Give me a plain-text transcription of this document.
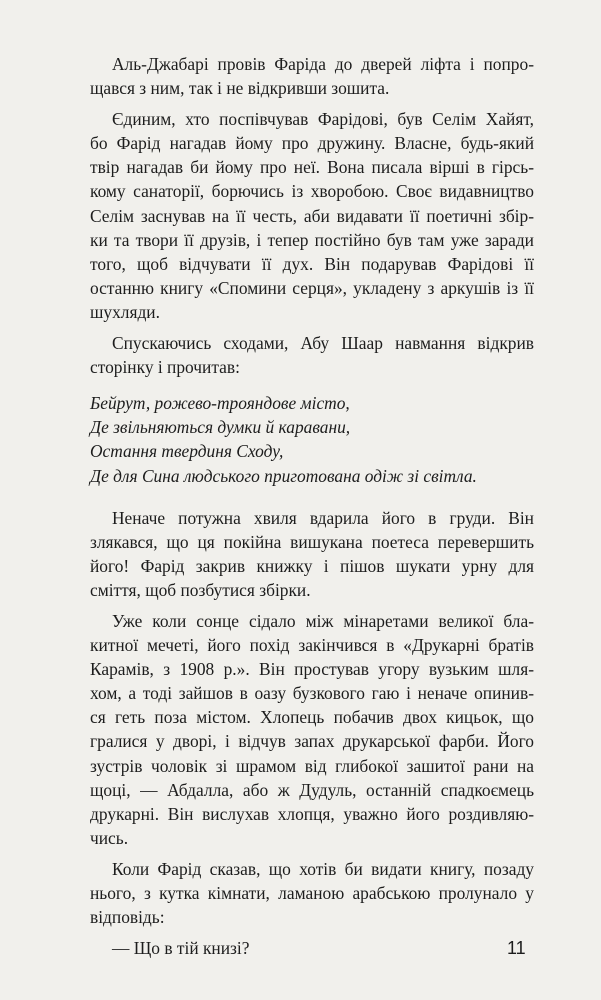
Аль-Джабарі провів Фаріда до дверей ліфта і попро-
щався з ним, так і не відкривши зошита.

Єдиним, хто поспівчував Фарідові, був Селім Хайят,
бо Фарід нагадав йому про дружину. Власне, будь-який
твір нагадав би йому про неї. Вона писала вірші в гірсь-
кому санаторії, борючись із хворобою. Своє видавництво
Селім заснував на її честь, аби видавати її поетичні збір-
ки та твори її друзів, і тепер постійно був там уже заради
того, щоб відчувати її дух. Він подарував Фарідові її
останню книгу «Спомини серця», укладену з аркушів із її
шухляди.

Спускаючись сходами, Абу Шаар навмання відкрив
сторінку і прочитав:

Бейрут, рожево-трояндове місто,
Де звільняються думки й каравани,
Остання твердиня Сходу,
Де для Сина людського приготована одіж зі світла.

Неначе потужна хвиля вдарила його в груди. Він
злякався, що ця покійна вишукана поетеса перевершить
його! Фарід закрив книжку і пішов шукати урну для
сміття, щоб позбутися збірки.

Уже коли сонце сідало між мінаретами великої бла-
китної мечеті, його похід закінчився в «Друкарні братів
Карамів, з 1908 р.». Він простував угору вузьким шля-
хом, а тоді зайшов в оазу бузкового гаю і неначе опинив-
ся геть поза містом. Хлопець побачив двох кицьок, що
гралися у дворі, і відчув запах друкарської фарби. Його
зустрів чоловік зі шрамом від глибокої зашитої рани на
щоці, — Абдалла, або ж Дудуль, останній спадкоємець
друкарні. Він вислухав хлопця, уважно його роздивляю-
чись.

Коли Фарід сказав, що хотів би видати книгу, позаду
нього, з кутка кімнати, ламаною арабською пролунало у
відповідь:

— Що в тій книзі?	11
